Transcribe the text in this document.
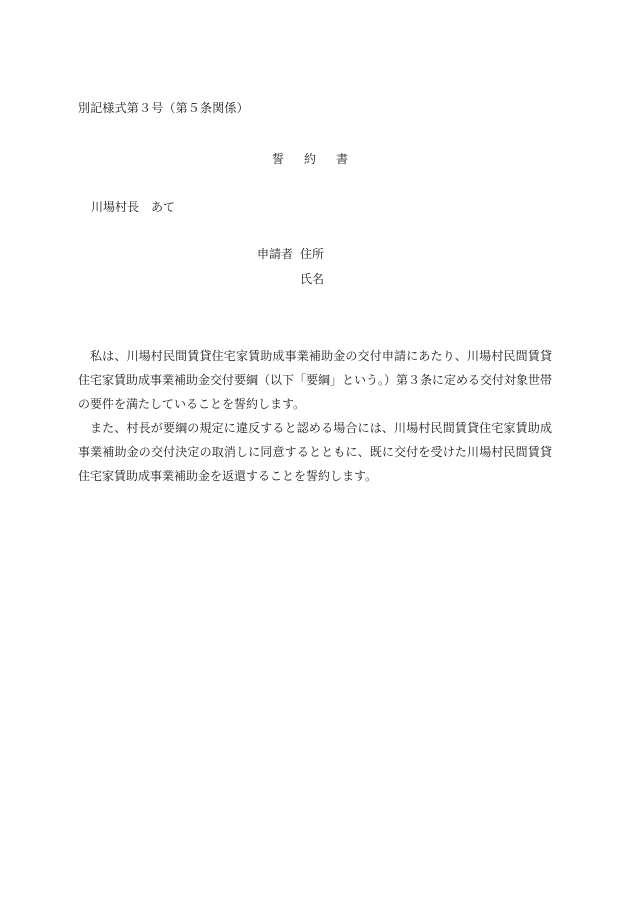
別記様式第３号（第５条関係）
誓約書
川場村長　あて
申請者 住所
氏名

私は、川場村民間賃貸住宅家賃助成事業補助金の交付申請にあたり、川場村民間賃貸住宅家賃助成事業補助金交付要綱（以下「要綱」という。）第３条に定める交付対象世帯の要件を満たしていることを誓約します。

また、村長が要綱の規定に違反すると認める場合には、川場村民間賃貸住宅家賃助成事業補助金の交付決定の取消しに同意するとともに、既に交付を受けた川場村民間賃貸住宅家賃助成事業補助金を返還することを誓約します。
